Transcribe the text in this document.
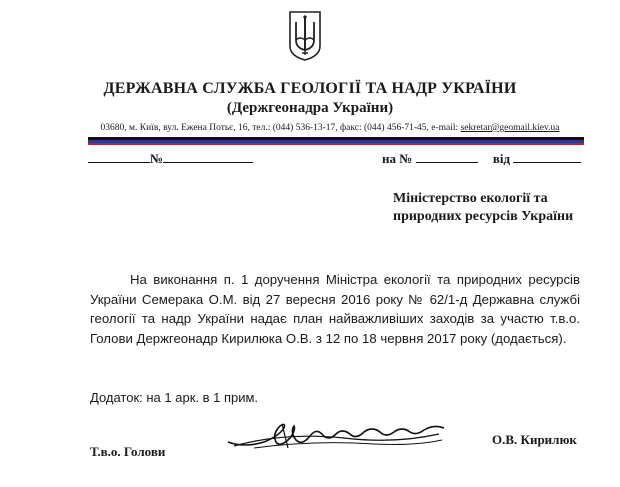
ДЕРЖАВНА СЛУЖБА ГЕОЛОГІЇ ТА НАДР УКРАЇНИ
(Держгеонадра України)
03680, м. Київ, вул. Ежена Потьє, 16, тел.: (044) 536-13-17, факс: (044) 456-71-45, e-mail: sekretar@geomail.kiev.ua
№	на №	від
Міністерство екології та
природних ресурсів України
На виконання п. 1 доручення Міністра екології та природних ресурсів України Семерака О.М. від 27 вересня 2016 року № 62/1-д Державна службі геології та надр України надає план найважливіших заходів за участю т.в.о. Голови Держгеонадр Кирилюка О.В. з 12 по 18 червня 2017 року (додається).
Додаток: на 1 арк. в 1 прим.
Т.в.о. Голови
О.В. Кирилюк
